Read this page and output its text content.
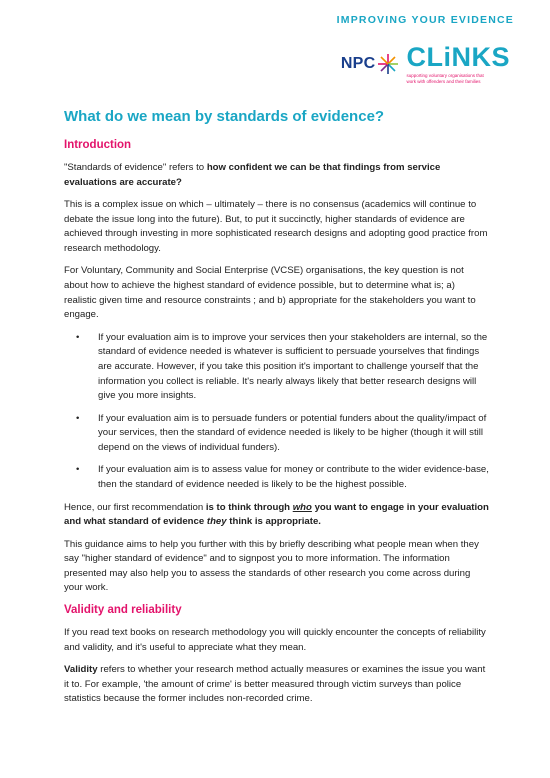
IMPROVING YOUR EVIDENCE
NPC CLiNKS
supporting voluntary organisations that work with offenders and their families
What do we mean by standards of evidence?
Introduction

"Standards of evidence" refers to how confident we can be that findings from service evaluations are accurate?

This is a complex issue on which – ultimately – there is no consensus (academics will continue to debate the issue long into the future). But, to put it succinctly, higher standards of evidence are achieved through investing in more sophisticated research designs and adopting good practice from research methodology.

For Voluntary, Community and Social Enterprise (VCSE) organisations, the key question is not about how to achieve the highest standard of evidence possible, but to determine what is; a) realistic given time and resource constraints ; and b) appropriate for the stakeholders you want to engage.

•	If your evaluation aim is to improve your services then your stakeholders are internal, so the standard of evidence needed is whatever is sufficient to persuade yourselves that findings are accurate. However, if you take this position it's important to challenge yourself that the information you collect is reliable. It's nearly always likely that better research designs will give you more insights.
•	If your evaluation aim is to persuade funders or potential funders about the quality/impact of your services, then the standard of evidence needed is likely to be higher (though it will still depend on the views of individual funders).
•	If your evaluation aim is to assess value for money or contribute to the wider evidence-base, then the standard of evidence needed is likely to be the highest possible.

Hence, our first recommendation is to think through who you want to engage in your evaluation and what standard of evidence they think is appropriate.

This guidance aims to help you further with this by briefly describing what people mean when they say "higher standard of evidence" and to signpost you to more information. The information presented may also help you to assess the standards of other research you come across during your work.

Validity and reliability

If you read text books on research methodology you will quickly encounter the concepts of reliability and validity, and it's useful to appreciate what they mean.

Validity refers to whether your research method actually measures or examines the issue you want it to. For example, 'the amount of crime' is better measured through victim surveys than police statistics because the former includes non-recorded crime.
